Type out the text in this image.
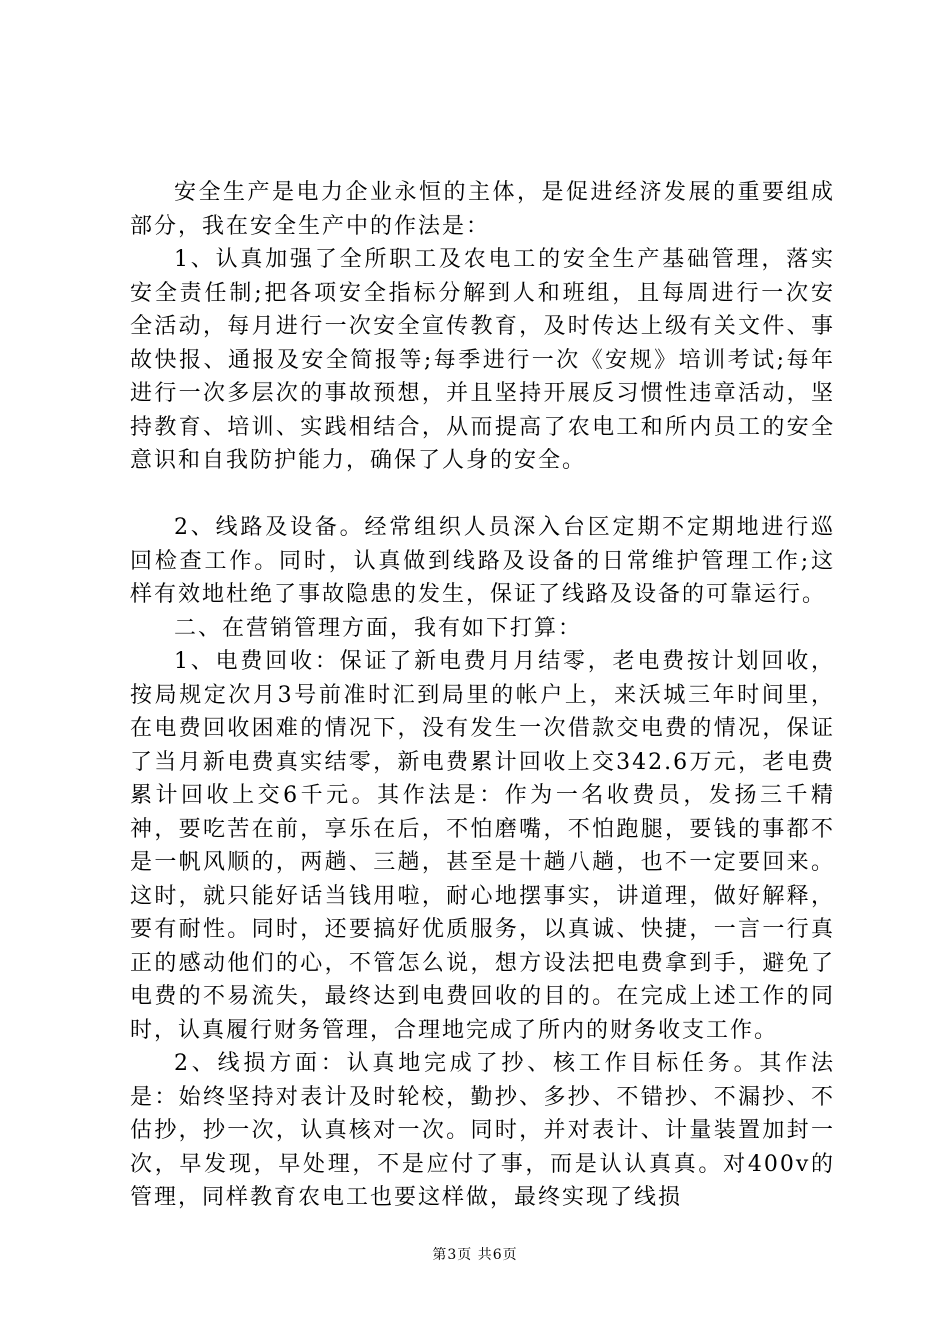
安全生产是电力企业永恒的主体，是促进经济发展的重要组成部分，我在安全生产中的作法是：

1、认真加强了全所职工及农电工的安全生产基础管理，落实安全责任制;把各项安全指标分解到人和班组，且每周进行一次安全活动，每月进行一次安全宣传教育，及时传达上级有关文件、事故快报、通报及安全简报等;每季进行一次《安规》培训考试;每年进行一次多层次的事故预想，并且坚持开展反习惯性违章活动，坚持教育、培训、实践相结合，从而提高了农电工和所内员工的安全意识和自我防护能力，确保了人身的安全。

2、线路及设备。经常组织人员深入台区定期不定期地进行巡回检查工作。同时，认真做到线路及设备的日常维护管理工作;这样有效地杜绝了事故隐患的发生，保证了线路及设备的可靠运行。

二、在营销管理方面，我有如下打算：

1、电费回收：保证了新电费月月结零，老电费按计划回收，按局规定次月3号前准时汇到局里的帐户上，来沃城三年时间里，在电费回收困难的情况下，没有发生一次借款交电费的情况，保证了当月新电费真实结零，新电费累计回收上交342.6万元，老电费累计回收上交6千元。其作法是：作为一名收费员，发扬三千精神，要吃苦在前，享乐在后，不怕磨嘴，不怕跑腿，要钱的事都不是一帆风顺的，两趟、三趟，甚至是十趟八趟，也不一定要回来。这时，就只能好话当钱用啦，耐心地摆事实，讲道理，做好解释，要有耐性。同时，还要搞好优质服务，以真诚、快捷，一言一行真正的感动他们的心，不管怎么说，想方设法把电费拿到手，避免了电费的不易流失，最终达到电费回收的目的。在完成上述工作的同时，认真履行财务管理，合理地完成了所内的财务收支工作。

2、线损方面：认真地完成了抄、核工作目标任务。其作法是：始终坚持对表计及时轮校，勤抄、多抄、不错抄、不漏抄、不估抄，抄一次，认真核对一次。同时，并对表计、计量装置加封一次，早发现，早处理，不是应付了事，而是认认真真。对400v的管理，同样教育农电工也要这样做，最终实现了线损

第3页 共6页
